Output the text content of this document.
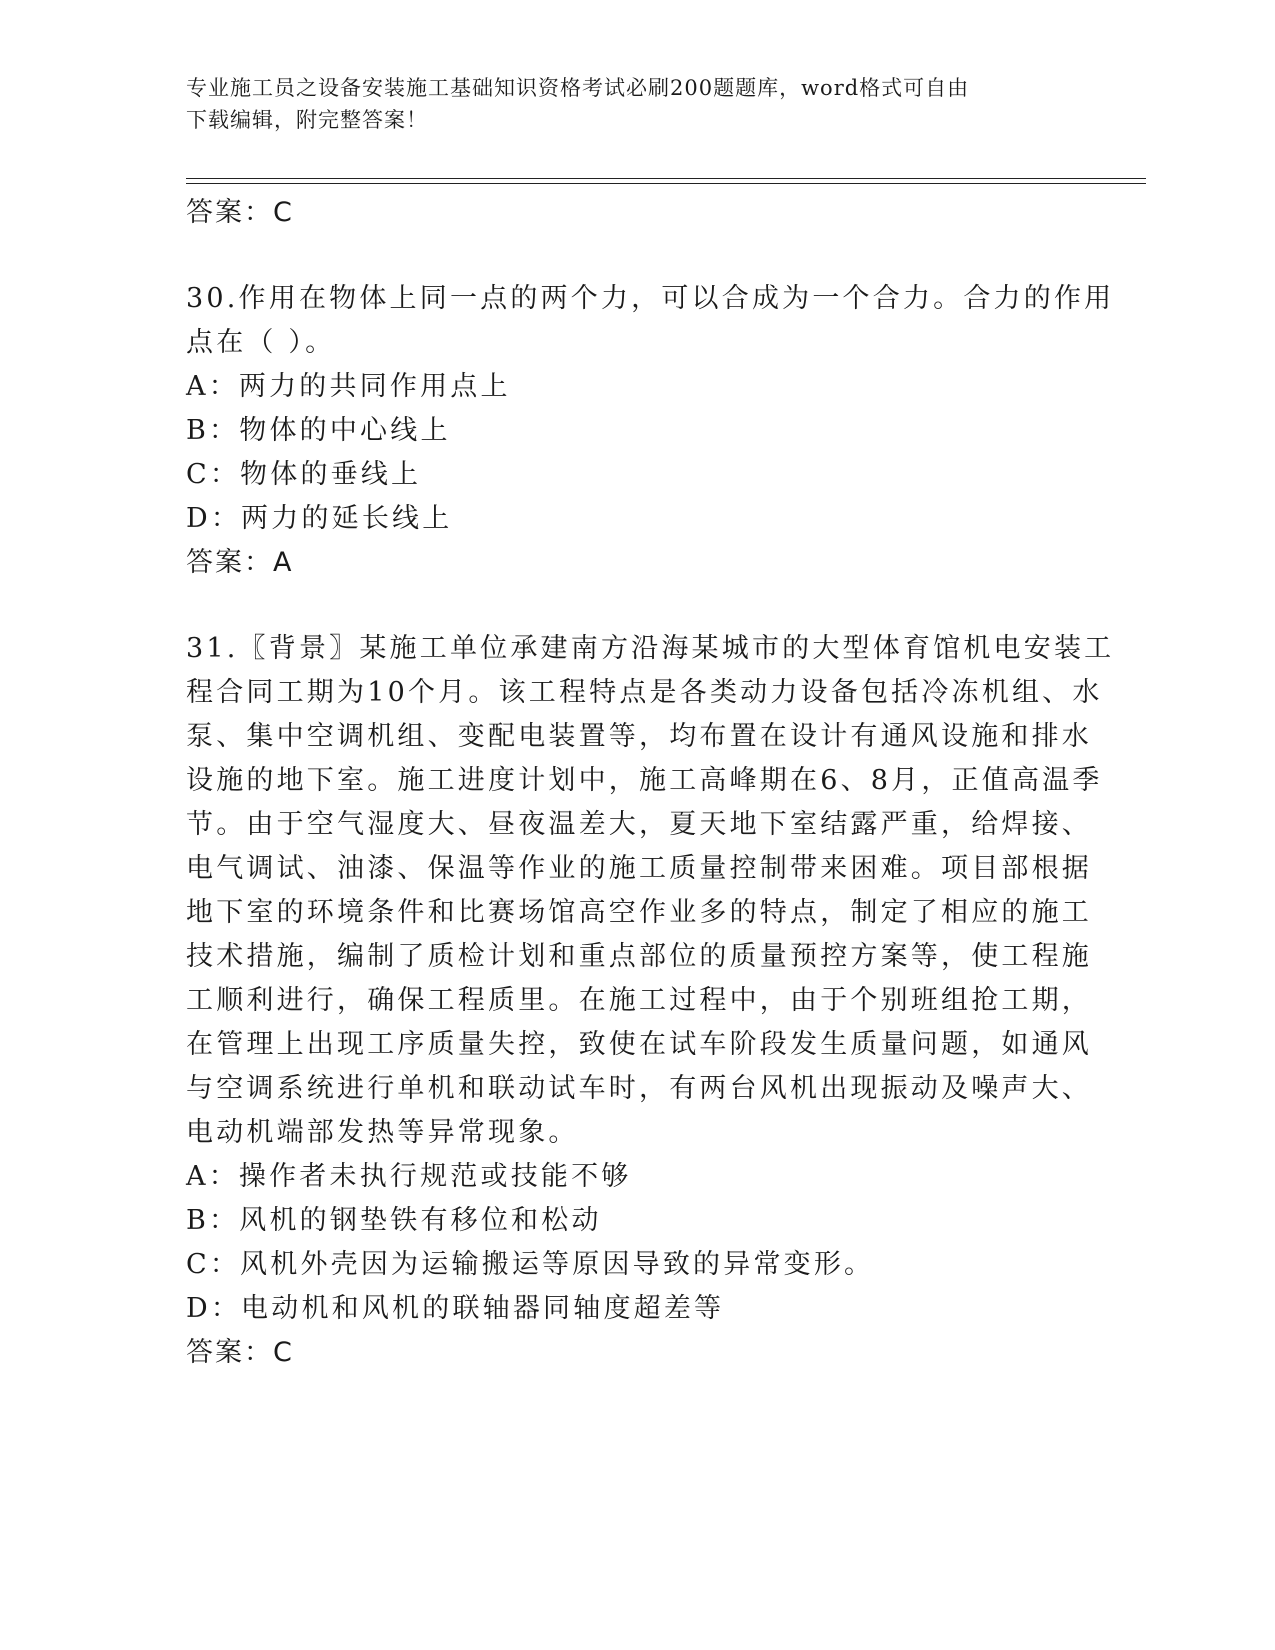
专业施工员之设备安装施工基础知识资格考试必刷200题题库，word格式可自由
下载编辑，附完整答案！
答案：C
30.作用在物体上同一点的两个力，可以合成为一个合力。合力的作用
点在（ ）。
A：两力的共同作用点上
B：物体的中心线上
C：物体的垂线上
D：两力的延长线上
答案：A
31.〖背景〗某施工单位承建南方沿海某城市的大型体育馆机电安装工
程合同工期为10个月。该工程特点是各类动力设备包括冷冻机组、水
泵、集中空调机组、变配电装置等，均布置在设计有通风设施和排水
设施的地下室。施工进度计划中，施工高峰期在6、8月，正值高温季
节。由于空气湿度大、昼夜温差大，夏天地下室结露严重，给焊接、
电气调试、油漆、保温等作业的施工质量控制带来困难。项目部根据
地下室的环境条件和比赛场馆高空作业多的特点，制定了相应的施工
技术措施，编制了质检计划和重点部位的质量预控方案等，使工程施
工顺利进行，确保工程质里。在施工过程中，由于个别班组抢工期，
在管理上出现工序质量失控，致使在试车阶段发生质量问题，如通风
与空调系统进行单机和联动试车时，有两台风机出现振动及噪声大、
电动机端部发热等异常现象。
A：操作者未执行规范或技能不够
B：风机的钢垫铁有移位和松动
C：风机外壳因为运输搬运等原因导致的异常变形。
D：电动机和风机的联轴器同轴度超差等
答案：C
